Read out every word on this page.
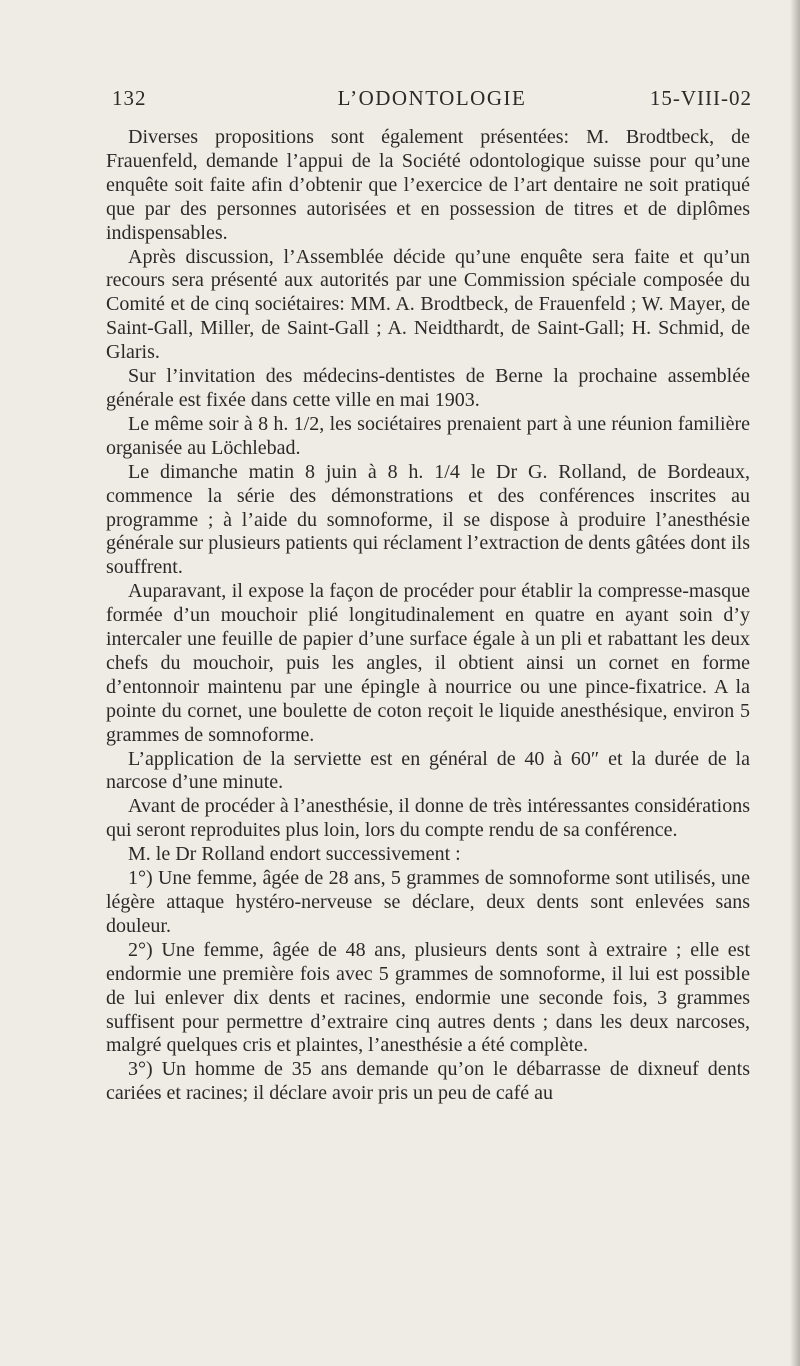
132	L’ODONTOLOGIE	15-VIII-02

Diverses propositions sont également présentées: M. Brodtbeck, de Frauenfeld, demande l’appui de la Société odontologique suisse pour qu’une enquête soit faite afin d’obtenir que l’exercice de l’art dentaire ne soit pratiqué que par des personnes autorisées et en possession de titres et de diplômes indispensables.

Après discussion, l’Assemblée décide qu’une enquête sera faite et qu’un recours sera présenté aux autorités par une Commission spéciale composée du Comité et de cinq sociétaires: MM. A. Brodtbeck, de Frauenfeld ; W. Mayer, de Saint-Gall, Miller, de Saint-Gall ; A. Neidthardt, de Saint-Gall; H. Schmid, de Glaris.

Sur l’invitation des médecins-dentistes de Berne la prochaine assemblée générale est fixée dans cette ville en mai 1903.

Le même soir à 8 h. 1/2, les sociétaires prenaient part à une réunion familière organisée au Löchlebad.

Le dimanche matin 8 juin à 8 h. 1/4 le Dr G. Rolland, de Bordeaux, commence la série des démonstrations et des conférences inscrites au programme ; à l’aide du somnoforme, il se dispose à produire l’anesthésie générale sur plusieurs patients qui réclament l’extraction de dents gâtées dont ils souffrent.

Auparavant, il expose la façon de procéder pour établir la compresse-masque formée d’un mouchoir plié longitudinalement en quatre en ayant soin d’y intercaler une feuille de papier d’une surface égale à un pli et rabattant les deux chefs du mouchoir, puis les angles, il obtient ainsi un cornet en forme d’entonnoir maintenu par une épingle à nourrice ou une pince-fixatrice. A la pointe du cornet, une boulette de coton reçoit le liquide anesthésique, environ 5 grammes de somnoforme.

L’application de la serviette est en général de 40 à 60″ et la durée de la narcose d’une minute.

Avant de procéder à l’anesthésie, il donne de très intéressantes considérations qui seront reproduites plus loin, lors du compte rendu de sa conférence.

M. le Dr Rolland endort successivement :

1°) Une femme, âgée de 28 ans, 5 grammes de somnoforme sont utilisés, une légère attaque hystéro-nerveuse se déclare, deux dents sont enlevées sans douleur.

2°) Une femme, âgée de 48 ans, plusieurs dents sont à extraire ; elle est endormie une première fois avec 5 grammes de somnoforme, il lui est possible de lui enlever dix dents et racines, endormie une seconde fois, 3 grammes suffisent pour permettre d’extraire cinq autres dents ; dans les deux narcoses, malgré quelques cris et plaintes, l’anesthésie a été complète.

3°) Un homme de 35 ans demande qu’on le débarrasse de dixneuf dents cariées et racines; il déclare avoir pris un peu de café au
